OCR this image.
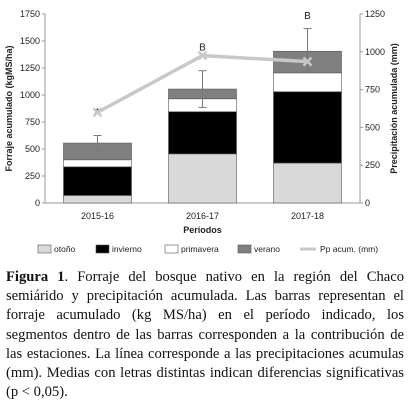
0
250
500
750
1000
1250
1500
1750
0
250
500
750
1000
1250
2015-16	2016-17	2017-18
A
B
B
Forraje acumulado (kgMS/ha)	Precipitación acumulada (mm)
Períodos
otoño	invierno	primavera	verano	Pp acum. (mm)

Figura 1. Forraje del bosque nativo en la región del Chaco semiárido y precipitación acumulada. Las barras representan el forraje acumulado (kg MS/ha) en el período indicado, los segmentos dentro de las barras corresponden a la contribución de las estaciones. La línea corresponde a las precipitaciones acumulas (mm). Medias con letras distintas indican diferencias significativas (p < 0,05).
